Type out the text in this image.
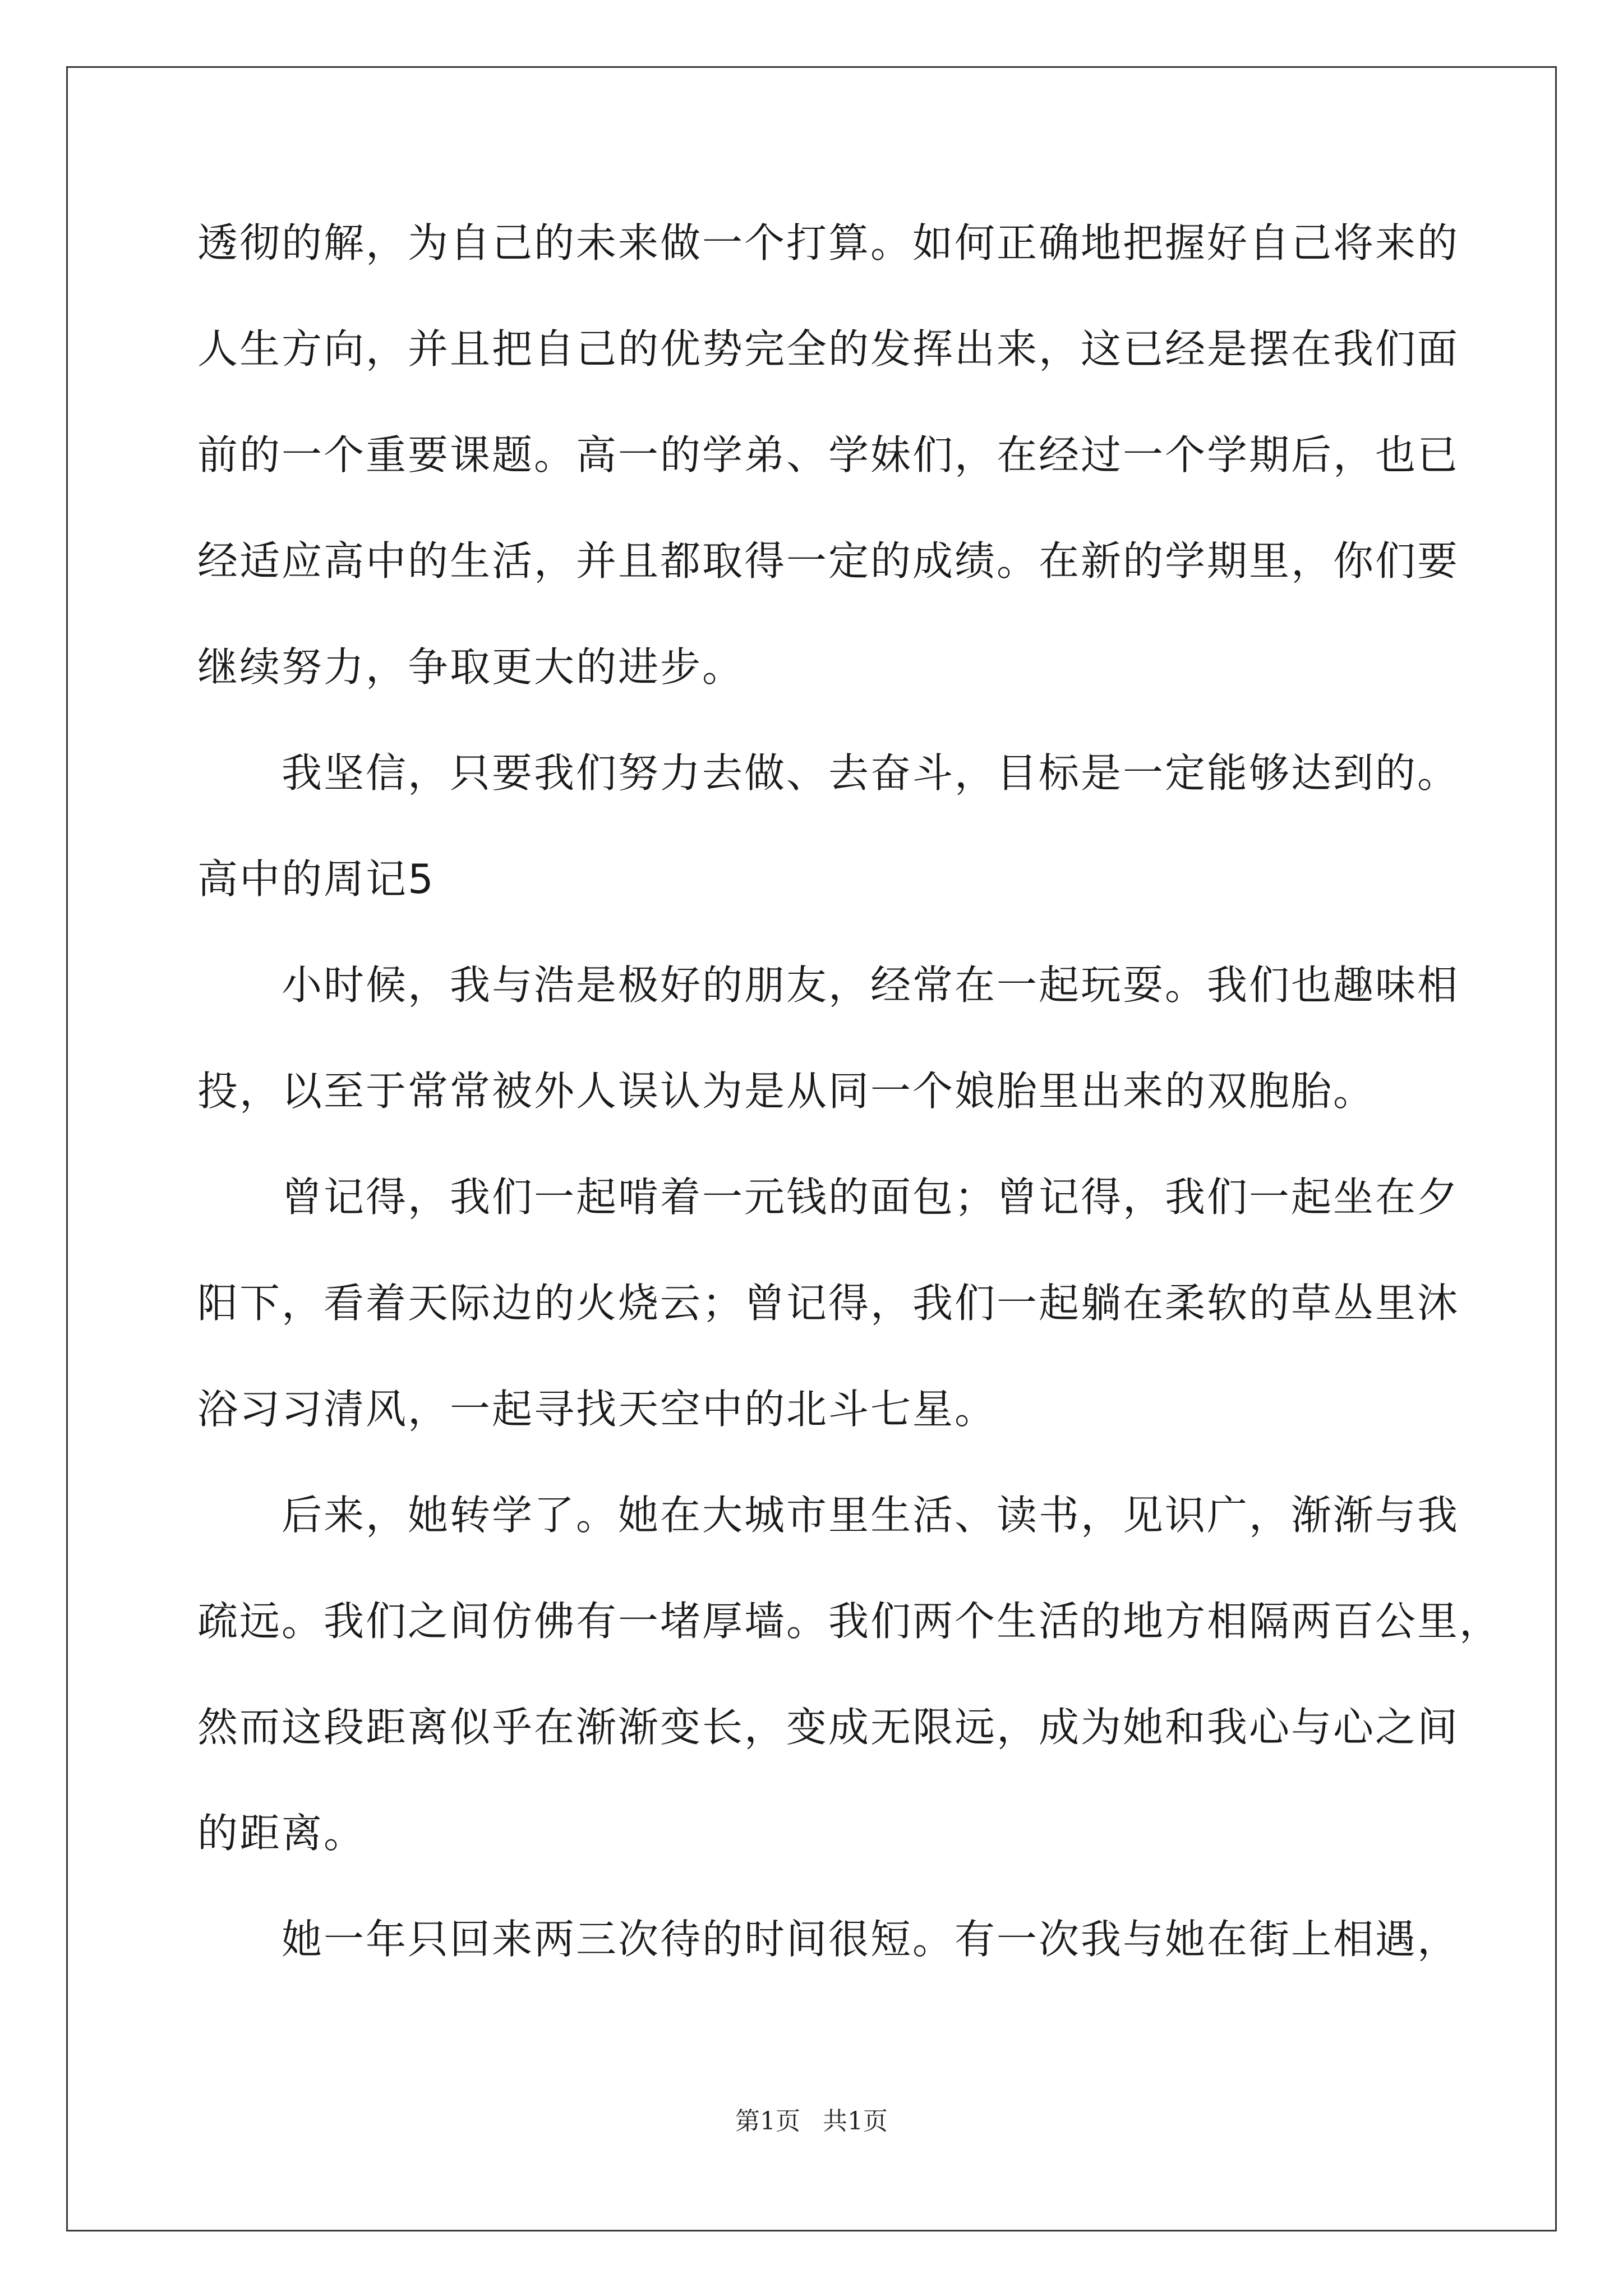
透彻的解，为自己的未来做一个打算。如何正确地把握好自己将来的
人生方向，并且把自己的优势完全的发挥出来，这已经是摆在我们面
前的一个重要课题。高一的学弟、学妹们，在经过一个学期后，也已
经适应高中的生活，并且都取得一定的成绩。在新的学期里，你们要
继续努力，争取更大的进步。
我坚信，只要我们努力去做、去奋斗，目标是一定能够达到的。
高中的周记5
小时候，我与浩是极好的朋友，经常在一起玩耍。我们也趣味相
投，以至于常常被外人误认为是从同一个娘胎里出来的双胞胎。
曾记得，我们一起啃着一元钱的面包；曾记得，我们一起坐在夕
阳下，看着天际边的火烧云；曾记得，我们一起躺在柔软的草丛里沐
浴习习清风，一起寻找天空中的北斗七星。
后来，她转学了。她在大城市里生活、读书，见识广，渐渐与我
疏远。我们之间仿佛有一堵厚墙。我们两个生活的地方相隔两百公里，
然而这段距离似乎在渐渐变长，变成无限远，成为她和我心与心之间
的距离。
她一年只回来两三次待的时间很短。有一次我与她在街上相遇，
第1页 共1页
